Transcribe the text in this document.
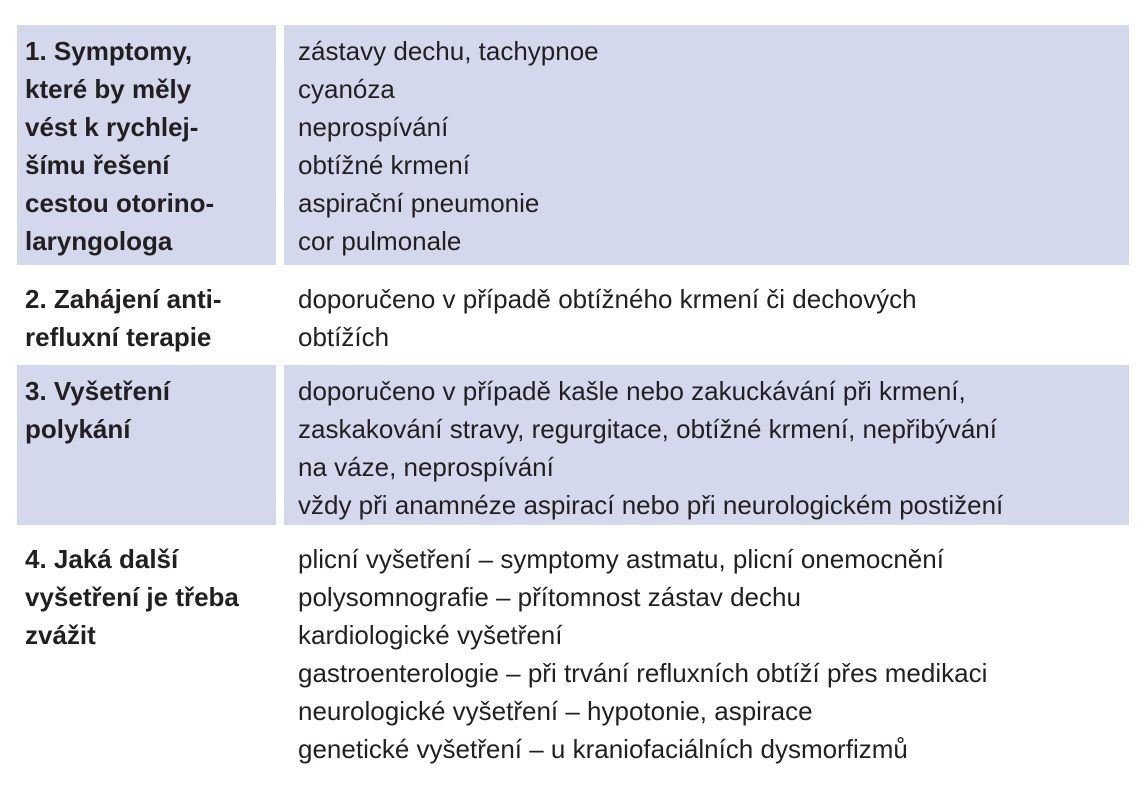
1. Symptomy,
které by měly
vést k rychlej-
šímu řešení
cestou otorino-
laryngologa
zástavy dechu, tachypnoe
cyanóza
neprospívání
obtížné krmení
aspirační pneumonie
cor pulmonale
2. Zahájení anti-
refluxní terapie
doporučeno v případě obtížného krmení či dechových
obtížích
3. Vyšetření
polykání
doporučeno v případě kašle nebo zakuckávání při krmení,
zaskakování stravy, regurgitace, obtížné krmení, nepřibývání
na váze, neprospívání
vždy při anamnéze aspirací nebo při neurologickém postižení
4. Jaká další
vyšetření je třeba
zvážit
plicní vyšetření – symptomy astmatu, plicní onemocnění
polysomnografie – přítomnost zástav dechu
kardiologické vyšetření
gastroenterologie – při trvání refluxních obtíží přes medikaci
neurologické vyšetření – hypotonie, aspirace
genetické vyšetření – u kraniofaciálních dysmorfizmů
